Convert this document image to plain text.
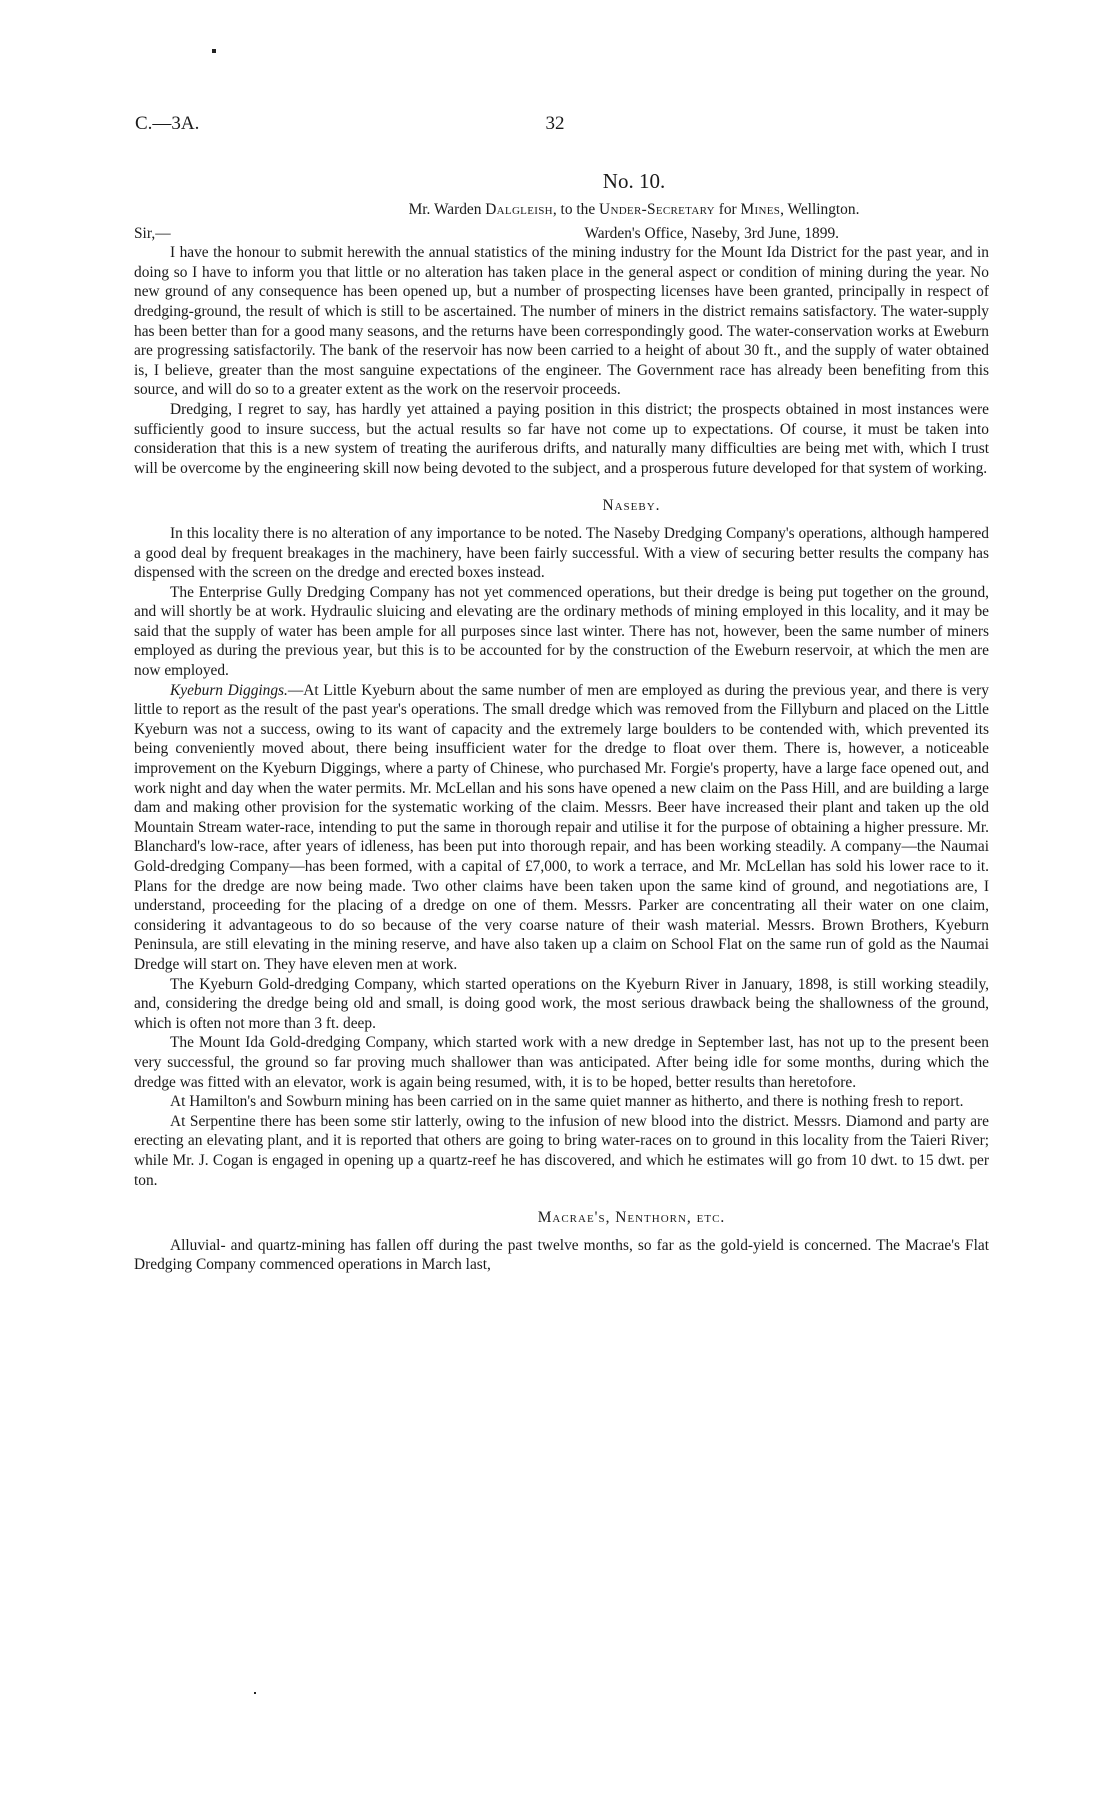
C.—3A.	32
No. 10.
Mr. Warden Dalgleish, to the Under-Secretary for Mines, Wellington.
Sir,—	Warden's Office, Naseby, 3rd June, 1899.

I have the honour to submit herewith the annual statistics of the mining industry for the Mount Ida District for the past year, and in doing so I have to inform you that little or no alteration has taken place in the general aspect or condition of mining during the year. No new ground of any consequence has been opened up, but a number of prospecting licenses have been granted, principally in respect of dredging-ground, the result of which is still to be ascertained. The number of miners in the district remains satisfactory. The water-supply has been better than for a good many seasons, and the returns have been correspondingly good. The water-conservation works at Eweburn are progressing satisfactorily. The bank of the reservoir has now been carried to a height of about 30 ft., and the supply of water obtained is, I believe, greater than the most sanguine expectations of the engineer. The Government race has already been benefiting from this source, and will do so to a greater extent as the work on the reservoir proceeds.

Dredging, I regret to say, has hardly yet attained a paying position in this district; the prospects obtained in most instances were sufficiently good to insure success, but the actual results so far have not come up to expectations. Of course, it must be taken into consideration that this is a new system of treating the auriferous drifts, and naturally many difficulties are being met with, which I trust will be overcome by the engineering skill now being devoted to the subject, and a prosperous future developed for that system of working.

Naseby.

In this locality there is no alteration of any importance to be noted. The Naseby Dredging Company's operations, although hampered a good deal by frequent breakages in the machinery, have been fairly successful. With a view of securing better results the company has dispensed with the screen on the dredge and erected boxes instead.

The Enterprise Gully Dredging Company has not yet commenced operations, but their dredge is being put together on the ground, and will shortly be at work. Hydraulic sluicing and elevating are the ordinary methods of mining employed in this locality, and it may be said that the supply of water has been ample for all purposes since last winter. There has not, however, been the same number of miners employed as during the previous year, but this is to be accounted for by the construction of the Eweburn reservoir, at which the men are now employed.

Kyeburn Diggings.—At Little Kyeburn about the same number of men are employed as during the previous year, and there is very little to report as the result of the past year's operations. The small dredge which was removed from the Fillyburn and placed on the Little Kyeburn was not a success, owing to its want of capacity and the extremely large boulders to be contended with, which prevented its being conveniently moved about, there being insufficient water for the dredge to float over them. There is, however, a noticeable improvement on the Kyeburn Diggings, where a party of Chinese, who purchased Mr. Forgie's property, have a large face opened out, and work night and day when the water permits. Mr. McLellan and his sons have opened a new claim on the Pass Hill, and are building a large dam and making other provision for the systematic working of the claim. Messrs. Beer have increased their plant and taken up the old Mountain Stream water-race, intending to put the same in thorough repair and utilise it for the purpose of obtaining a higher pressure. Mr. Blanchard's low-race, after years of idleness, has been put into thorough repair, and has been working steadily. A company—the Naumai Gold-dredging Company—has been formed, with a capital of £7,000, to work a terrace, and Mr. McLellan has sold his lower race to it. Plans for the dredge are now being made. Two other claims have been taken upon the same kind of ground, and negotiations are, I understand, proceeding for the placing of a dredge on one of them. Messrs. Parker are concentrating all their water on one claim, considering it advantageous to do so because of the very coarse nature of their wash material. Messrs. Brown Brothers, Kyeburn Peninsula, are still elevating in the mining reserve, and have also taken up a claim on School Flat on the same run of gold as the Naumai Dredge will start on. They have eleven men at work.

The Kyeburn Gold-dredging Company, which started operations on the Kyeburn River in January, 1898, is still working steadily, and, considering the dredge being old and small, is doing good work, the most serious drawback being the shallowness of the ground, which is often not more than 3 ft. deep.

The Mount Ida Gold-dredging Company, which started work with a new dredge in September last, has not up to the present been very successful, the ground so far proving much shallower than was anticipated. After being idle for some months, during which the dredge was fitted with an elevator, work is again being resumed, with, it is to be hoped, better results than heretofore.

At Hamilton's and Sowburn mining has been carried on in the same quiet manner as hitherto, and there is nothing fresh to report.

At Serpentine there has been some stir latterly, owing to the infusion of new blood into the district. Messrs. Diamond and party are erecting an elevating plant, and it is reported that others are going to bring water-races on to ground in this locality from the Taieri River; while Mr. J. Cogan is engaged in opening up a quartz-reef he has discovered, and which he estimates will go from 10 dwt. to 15 dwt. per ton.

Macrae's, Nenthorn, etc.

Alluvial- and quartz-mining has fallen off during the past twelve months, so far as the gold-yield is concerned. The Macrae's Flat Dredging Company commenced operations in March last,
